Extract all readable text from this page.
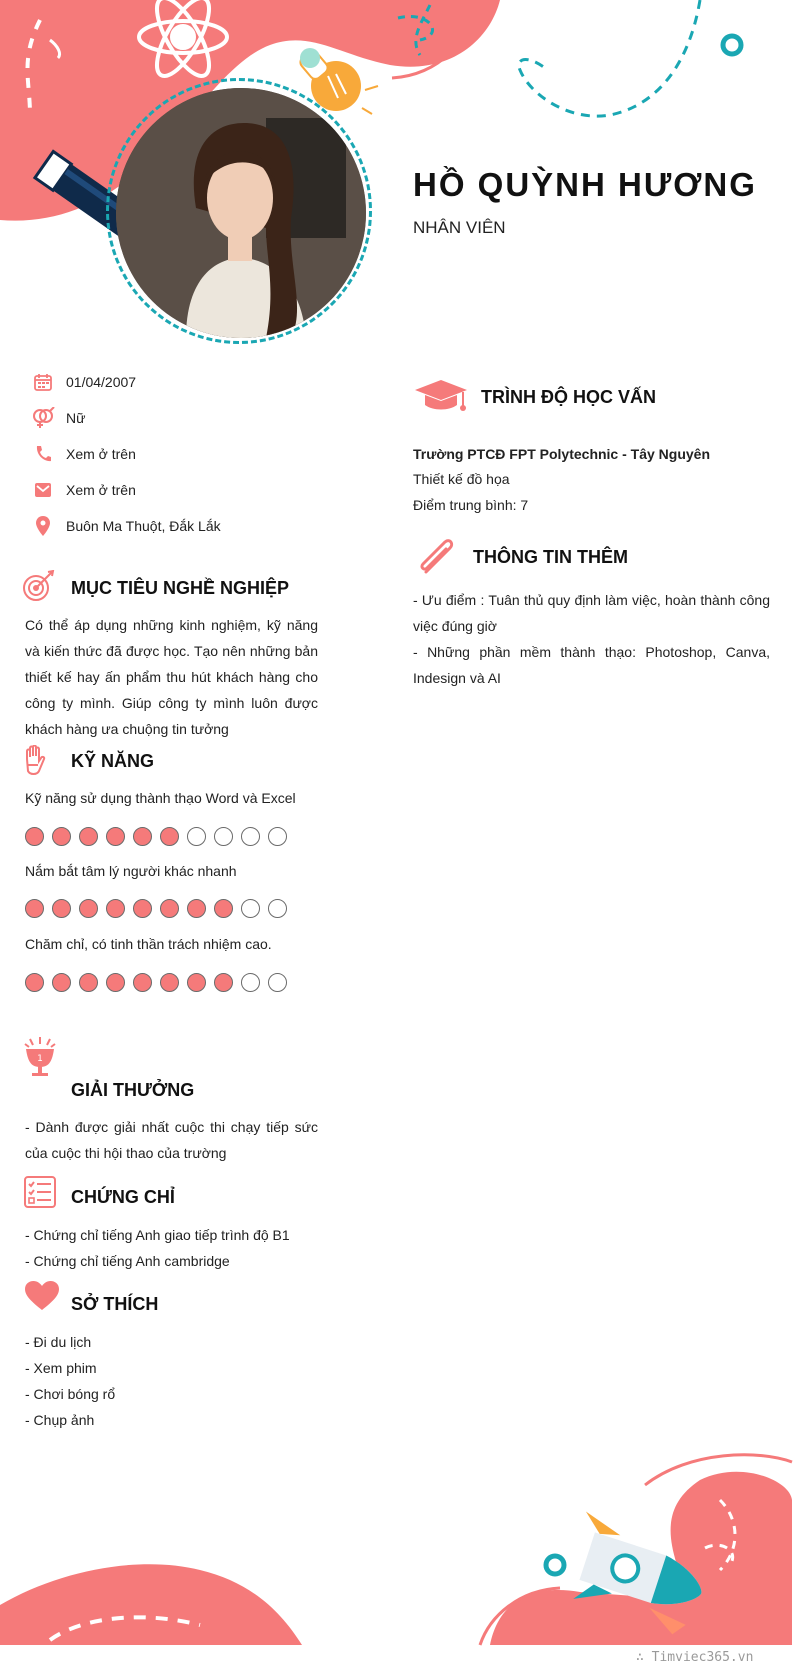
HỒ QUỲNH HƯƠNG
NHÂN VIÊN
01/04/2007
Nữ
Xem ở trên
Xem ở trên
Buôn Ma Thuột, Đắk Lắk
MỤC TIÊU NGHỀ NGHIỆP
Có thể áp dụng những kinh nghiệm, kỹ năng và kiến thức đã được học. Tạo nên những bản thiết kế hay ấn phẩm thu hút khách hàng cho công ty mình. Giúp công ty mình luôn được khách hàng ưa chuộng tin tưởng
KỸ NĂNG
Kỹ năng sử dụng thành thạo Word và Excel
Nắm bắt tâm lý người khác nhanh
Chăm chỉ, có tinh thần trách nhiệm cao.
1
GIẢI THƯỞNG
- Dành được giải nhất cuộc thi chạy tiếp sức của cuộc thi hội thao của trường
CHỨNG CHỈ
- Chứng chỉ tiếng Anh giao tiếp trình độ B1
- Chứng chỉ tiếng Anh cambridge
SỞ THÍCH
- Đi du lịch
- Xem phim
- Chơi bóng rổ
- Chụp ảnh
TRÌNH ĐỘ HỌC VẤN
Trường PTCĐ FPT Polytechnic - Tây Nguyên
Thiết kế đồ họa
Điểm trung bình: 7
THÔNG TIN THÊM
- Ưu điểm : Tuân thủ quy định làm việc, hoàn thành công việc đúng giờ
- Những phần mềm thành thạo: Photoshop, Canva, Indesign và AI
∴ Timviec365.vn
